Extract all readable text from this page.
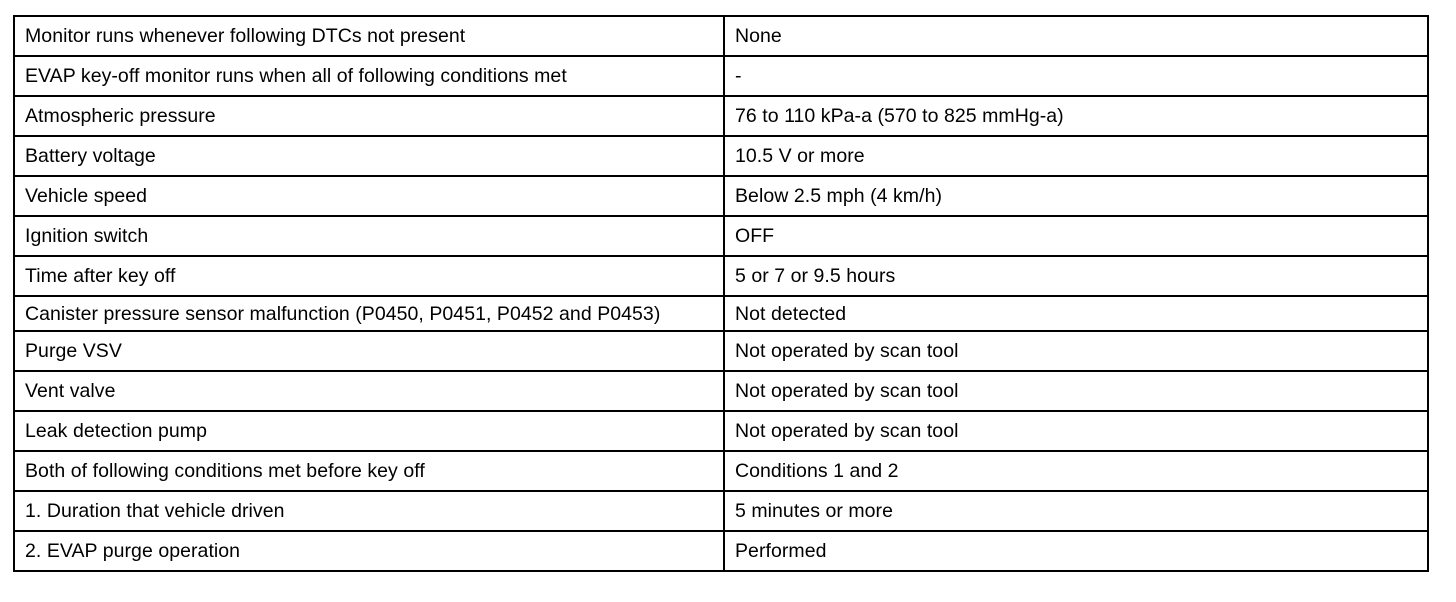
Monitor runs whenever following DTCs not present	None
EVAP key-off monitor runs when all of following conditions met	-
Atmospheric pressure	76 to 110 kPa-a (570 to 825 mmHg-a)
Battery voltage	10.5 V or more
Vehicle speed	Below 2.5 mph (4 km/h)
Ignition switch	OFF
Time after key off	5 or 7 or 9.5 hours
Canister pressure sensor malfunction (P0450, P0451, P0452 and P0453)	Not detected
Purge VSV	Not operated by scan tool
Vent valve	Not operated by scan tool
Leak detection pump	Not operated by scan tool
Both of following conditions met before key off	Conditions 1 and 2
1. Duration that vehicle driven	5 minutes or more
2. EVAP purge operation	Performed
